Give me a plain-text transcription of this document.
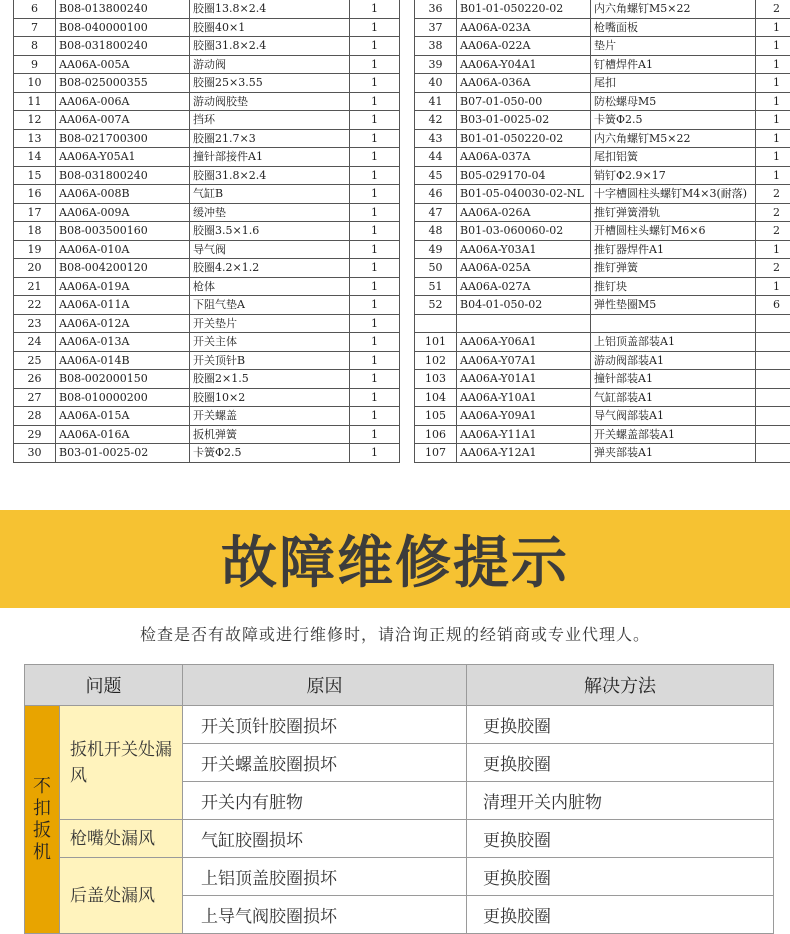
6	B08-013800240	胶圈13.8×2.4	1		36	B01-01-050220-02	内六角螺钉M5×22	2
7	B08-040000100	胶圈40×1	1		37	AA06A-023A	枪嘴面板	1
8	B08-031800240	胶圈31.8×2.4	1		38	AA06A-022A	垫片	1
9	AA06A-005A	游动阀	1		39	AA06A-Y04A1	钉槽焊件A1	1
10	B08-025000355	胶圈25×3.55	1		40	AA06A-036A	尾扣	1
11	AA06A-006A	游动阀胶垫	1		41	B07-01-050-00	防松螺母M5	1
12	AA06A-007A	挡环	1		42	B03-01-0025-02	卡簧Φ2.5	1
13	B08-021700300	胶圈21.7×3	1		43	B01-01-050220-02	内六角螺钉M5×22	1
14	AA06A-Y05A1	撞针部接件A1	1		44	AA06A-037A	尾扣铝簧	1
15	B08-031800240	胶圈31.8×2.4	1		45	B05-029170-04	销钉Φ2.9×17	1
16	AA06A-008B	气缸B	1		46	B01-05-040030-02-NL	十字槽圆柱头螺钉M4×3(耐落)	2
17	AA06A-009A	缓冲垫	1		47	AA06A-026A	推钉弹簧滑轨	2
18	B08-003500160	胶圈3.5×1.6	1		48	B01-03-060060-02	开槽圆柱头螺钉M6×6	2
19	AA06A-010A	导气阀	1		49	AA06A-Y03A1	推钉器焊件A1	1
20	B08-004200120	胶圈4.2×1.2	1		50	AA06A-025A	推钉弹簧	2
21	AA06A-019A	枪体	1		51	AA06A-027A	推钉块	1
22	AA06A-011A	下阻气垫A	1		52	B04-01-050-02	弹性垫圈M5	6
23	AA06A-012A	开关垫片	1					
24	AA06A-013A	开关主体	1		101	AA06A-Y06A1	上铝顶盖部装A1	
25	AA06A-014B	开关顶针B	1		102	AA06A-Y07A1	游动阀部装A1	
26	B08-002000150	胶圈2×1.5	1		103	AA06A-Y01A1	撞针部装A1	
27	B08-010000200	胶圈10×2	1		104	AA06A-Y10A1	气缸部装A1	
28	AA06A-015A	开关螺盖	1		105	AA06A-Y09A1	导气阀部装A1	
29	AA06A-016A	扳机弹簧	1		106	AA06A-Y11A1	开关螺盖部装A1	
30	B03-01-0025-02	卡簧Φ2.5	1		107	AA06A-Y12A1	弹夹部装A1	
故障维修提示
检查是否有故障或进行维修时，请洽询正规的经销商或专业代理人。
问题		原因	解决方法
不
扣
扳
机	扳机开关处漏风	开关顶针胶圈损坏	更换胶圈
		开关螺盖胶圈损坏	更换胶圈
		开关内有脏物	清理开关内脏物
	枪嘴处漏风	气缸胶圈损坏	更换胶圈
	后盖处漏风	上铝顶盖胶圈损坏	更换胶圈
		上导气阀胶圈损坏	更换胶圈
